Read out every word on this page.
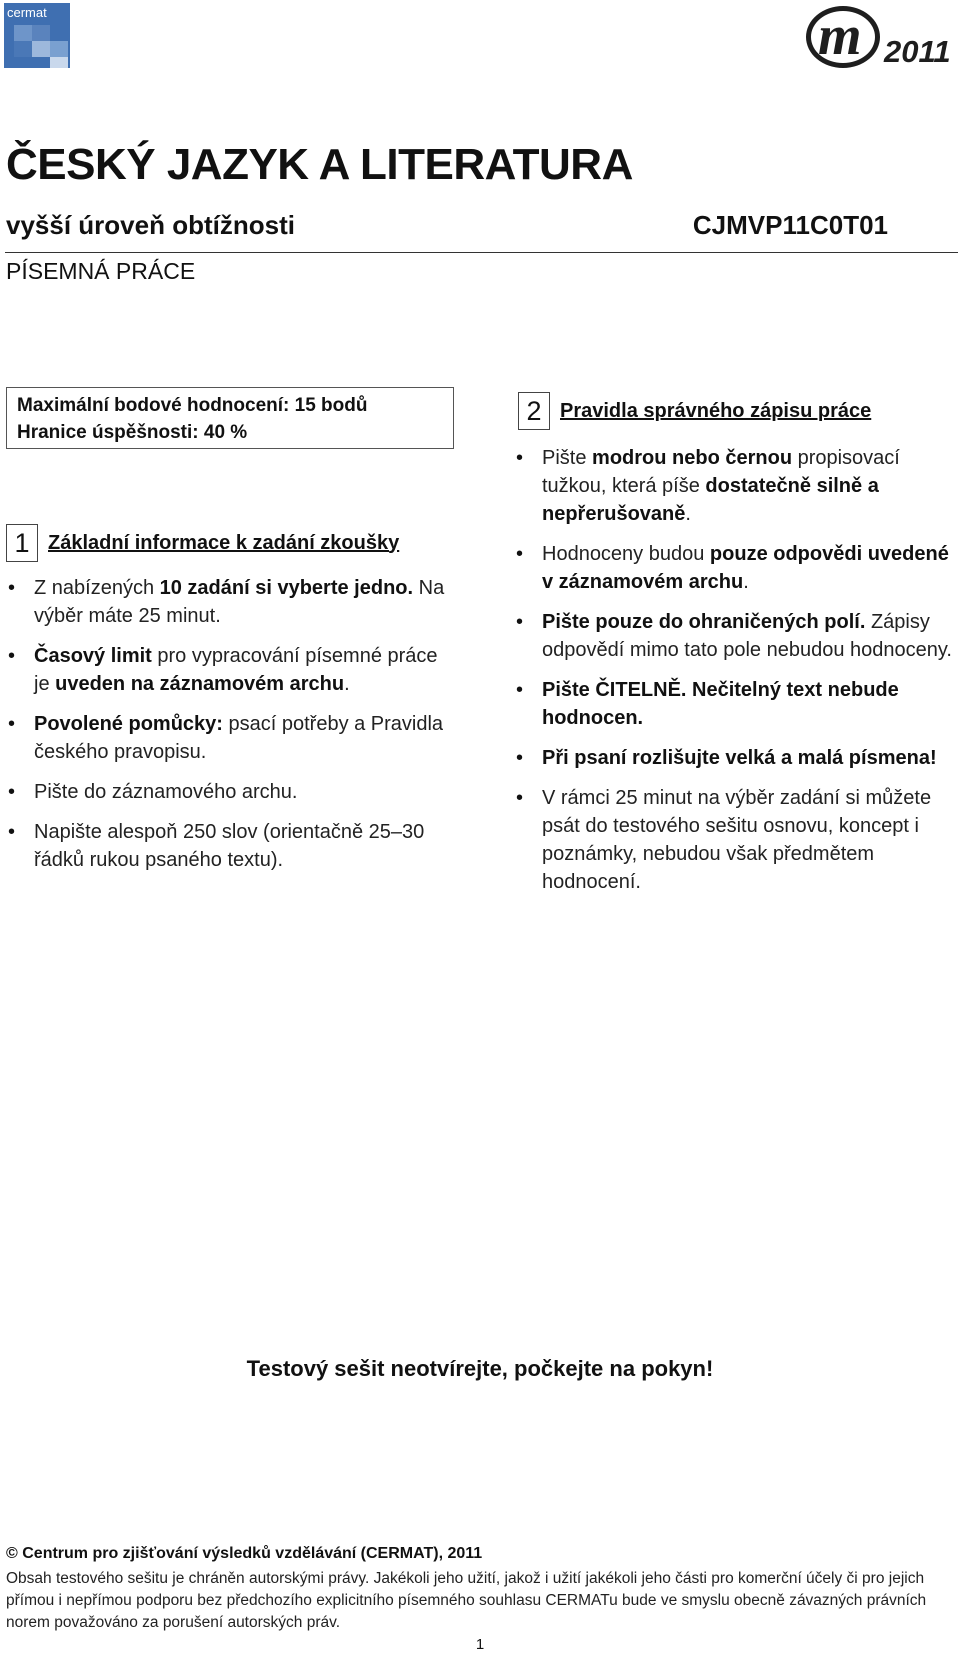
cermat	m 2011
ČESKÝ JAZYK A LITERATURA
vyšší úroveň obtížnosti	CJMVP11C0T01
PÍSEMNÁ PRÁCE
Maximální bodové hodnocení: 15 bodů
Hranice úspěšnosti: 40 %
1 Základní informace k zadání zkoušky
• Z nabízených 10 zadání si vyberte jedno. Na výběr máte 25 minut.
• Časový limit pro vypracování písemné práce je uveden na záznamovém archu.
• Povolené pomůcky: psací potřeby a Pravidla českého pravopisu.
• Pište do záznamového archu.
• Napište alespoň 250 slov (orientačně 25–30 řádků rukou psaného textu).
2 Pravidla správného zápisu práce
• Pište modrou nebo černou propisovací tužkou, která píše dostatečně silně a nepřerušovaně.
• Hodnoceny budou pouze odpovědi uvedené v záznamovém archu.
• Pište pouze do ohraničených polí. Zápisy odpovědí mimo tato pole nebudou hodnoceny.
• Pište ČITELNĚ. Nečitelný text nebude hodnocen.
• Při psaní rozlišujte velká a malá písmena!
• V rámci 25 minut na výběr zadání si můžete psát do testového sešitu osnovu, koncept i poznámky, nebudou však předmětem hodnocení.
Testový sešit neotvírejte, počkejte na pokyn!
© Centrum pro zjišťování výsledků vzdělávání (CERMAT), 2011
Obsah testového sešitu je chráněn autorskými právy. Jakékoli jeho užití, jakož i užití jakékoli jeho části pro komerční účely či pro jejich přímou i nepřímou podporu bez předchozího explicitního písemného souhlasu CERMATu bude ve smyslu obecně závazných právních norem považováno za porušení autorských práv.
1
